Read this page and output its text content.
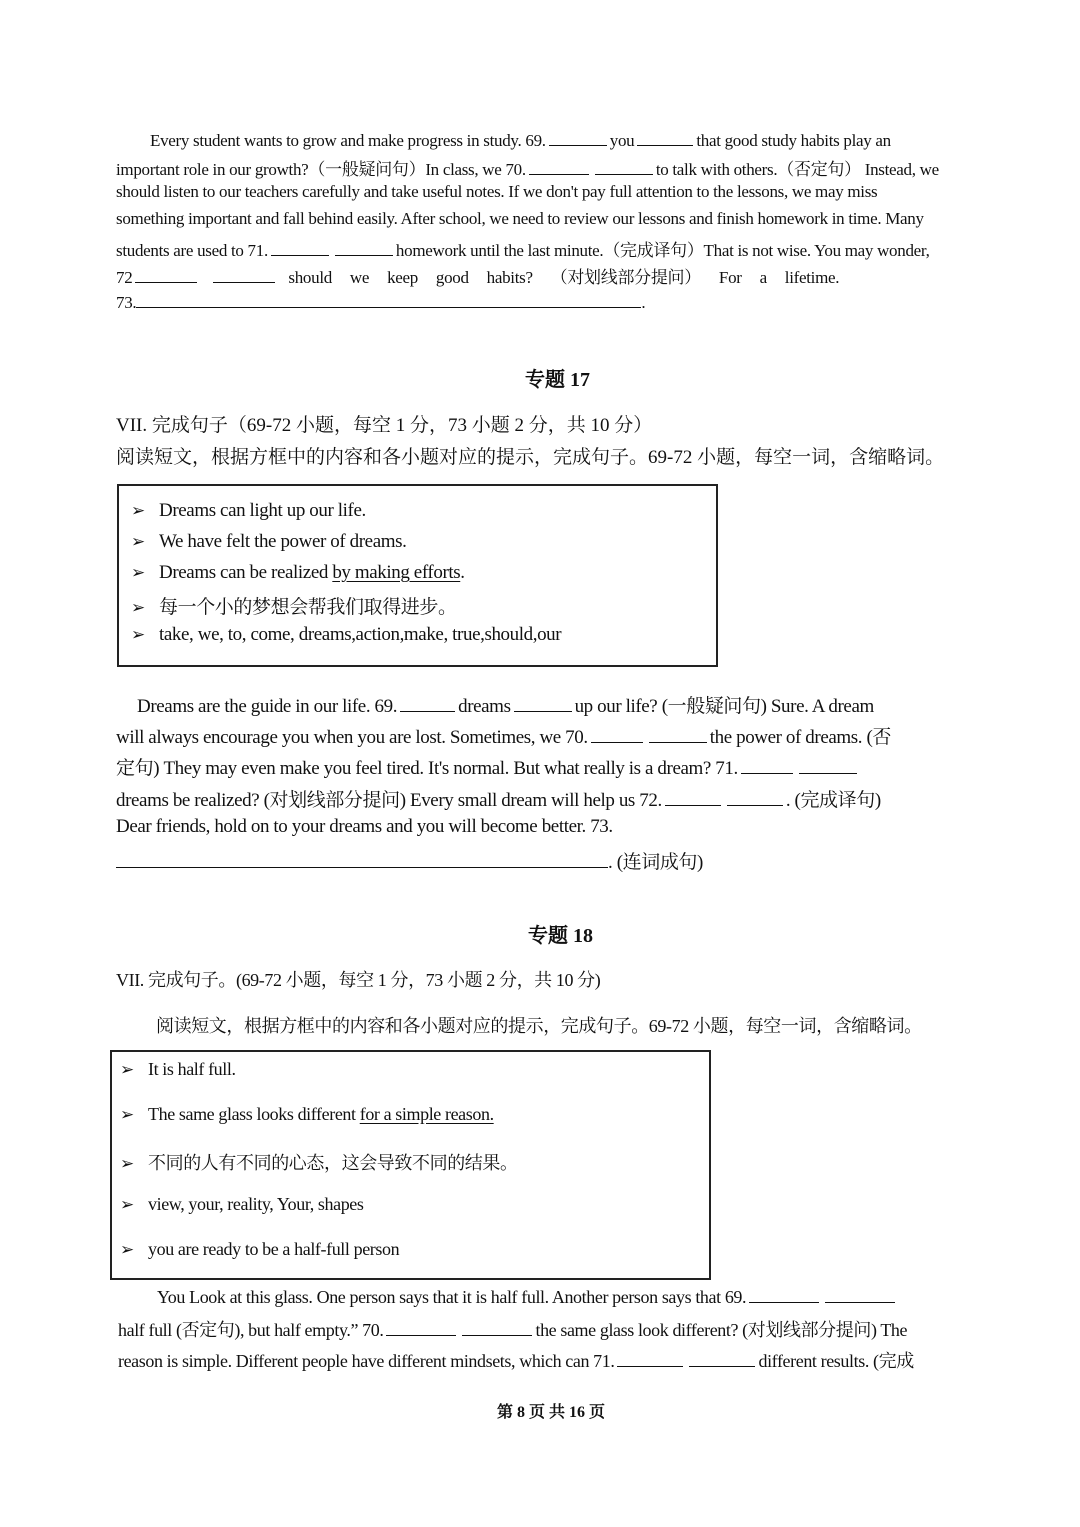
Every student wants to grow and make progress in study. 69.	you	that good study habits play an
important role in our growth?（一般疑问句）In class, we 70.	to talk with others.（否定句） Instead, we
should listen to our teachers carefully and take useful notes. If we don't pay full attention to the lessons, we may miss
something important and fall behind easily. After school, we need to review our lessons and finish homework in time. Many
students are used to 71.	homework until the last minute.（完成译句）That is not wise. You may wonder,
72	should we keep good habits? （对划线部分提问） For a lifetime.
73.	.
专题 17
VII. 完成句子（69-72 小题，每空 1 分，73 小题 2 分，共 10 分）
阅读短文，根据方框中的内容和各小题对应的提示，完成句子。69-72 小题，每空一词，含缩略词。
➢ Dreams can light up our life.
➢ We have felt the power of dreams.
➢ Dreams can be realized by making efforts.
➢ 每一个小的梦想会帮我们取得进步。
➢ take, we, to, come, dreams,action,make, true,should,our
Dreams are the guide in our life. 69.	dreams	up our life? (一般疑问句) Sure. A dream
will always encourage you when you are lost. Sometimes, we 70.	the power of dreams. (否
定句) They may even make you feel tired. It's normal. But what really is a dream? 71.
dreams be realized? (对划线部分提问) Every small dream will help us 72.	. (完成译句)
Dear friends, hold on to your dreams and you will become better. 73.
. (连词成句)
专题 18
VII. 完成句子。(69-72 小题，每空 1 分，73 小题 2 分，共 10 分)
阅读短文，根据方框中的内容和各小题对应的提示，完成句子。69-72 小题，每空一词，含缩略词。
➢ It is half full.
➢ The same glass looks different for a simple reason.
➢ 不同的人有不同的心态，这会导致不同的结果。
➢ view, your, reality, Your, shapes
➢ you are ready to be a half-full person
You Look at this glass. One person says that it is half full. Another person says that 69.
half full (否定句), but half empty.” 70.	the same glass look different? (对划线部分提问) The
reason is simple. Different people have different mindsets, which can 71.	different results. (完成
第 8 页 共 16 页
